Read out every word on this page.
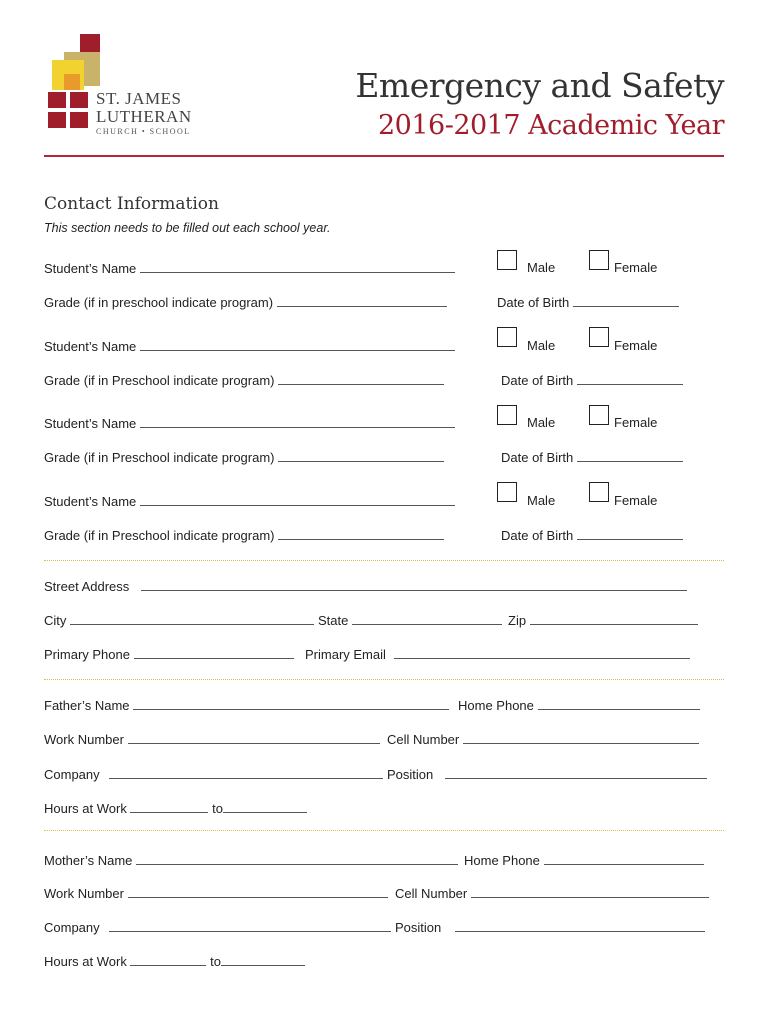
ST. JAMES
LUTHERAN
CHURCH • SCHOOL
Emergency and Safety
2016-2017 Academic Year
Contact Information
This section needs to be filled out each school year.
Student’s Name	Male	Female
Grade (if in preschool indicate program)	Date of Birth
Student’s Name	Male	Female
Grade (if in Preschool indicate program)	Date of Birth
Student’s Name	Male	Female
Grade (if in Preschool indicate program)	Date of Birth
Student’s Name	Male	Female
Grade (if in Preschool indicate program)	Date of Birth
Street Address
City	State	Zip
Primary Phone	Primary Email
Father’s Name	Home Phone
Work Number	Cell Number
Company	Position
Hours at Work	to
Mother’s Name	Home Phone
Work Number	Cell Number
Company	Position
Hours at Work	to
